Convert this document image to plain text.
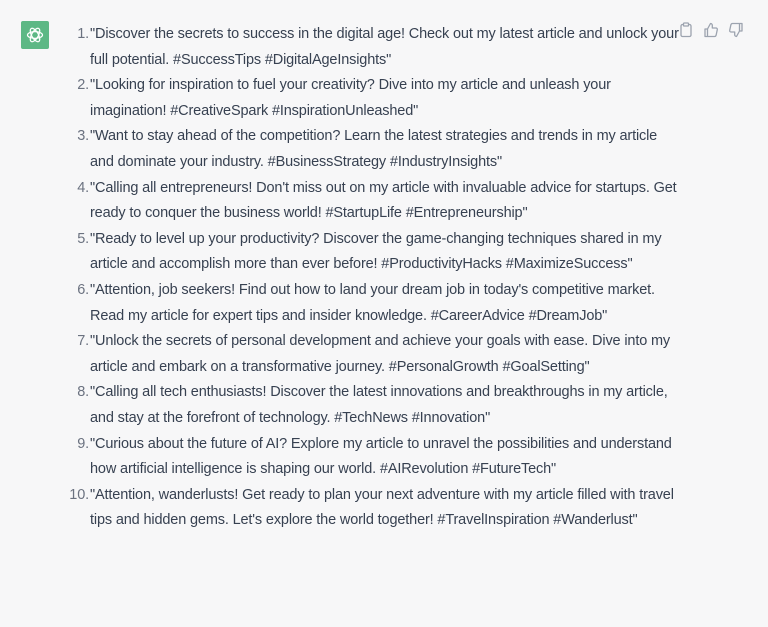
1. "Discover the secrets to success in the digital age! Check out my latest article and unlock your full potential. #SuccessTips #DigitalAgeInsights"
2. "Looking for inspiration to fuel your creativity? Dive into my article and unleash your imagination! #CreativeSpark #InspirationUnleashed"
3. "Want to stay ahead of the competition? Learn the latest strategies and trends in my article and dominate your industry. #BusinessStrategy #IndustryInsights"
4. "Calling all entrepreneurs! Don't miss out on my article with invaluable advice for startups. Get ready to conquer the business world! #StartupLife #Entrepreneurship"
5. "Ready to level up your productivity? Discover the game-changing techniques shared in my article and accomplish more than ever before! #ProductivityHacks #MaximizeSuccess"
6. "Attention, job seekers! Find out how to land your dream job in today's competitive market. Read my article for expert tips and insider knowledge. #CareerAdvice #DreamJob"
7. "Unlock the secrets of personal development and achieve your goals with ease. Dive into my article and embark on a transformative journey. #PersonalGrowth #GoalSetting"
8. "Calling all tech enthusiasts! Discover the latest innovations and breakthroughs in my article, and stay at the forefront of technology. #TechNews #Innovation"
9. "Curious about the future of AI? Explore my article to unravel the possibilities and understand how artificial intelligence is shaping our world. #AIRevolution #FutureTech"
10. "Attention, wanderlusts! Get ready to plan your next adventure with my article filled with travel tips and hidden gems. Let's explore the world together! #TravelInspiration #Wanderlust"
